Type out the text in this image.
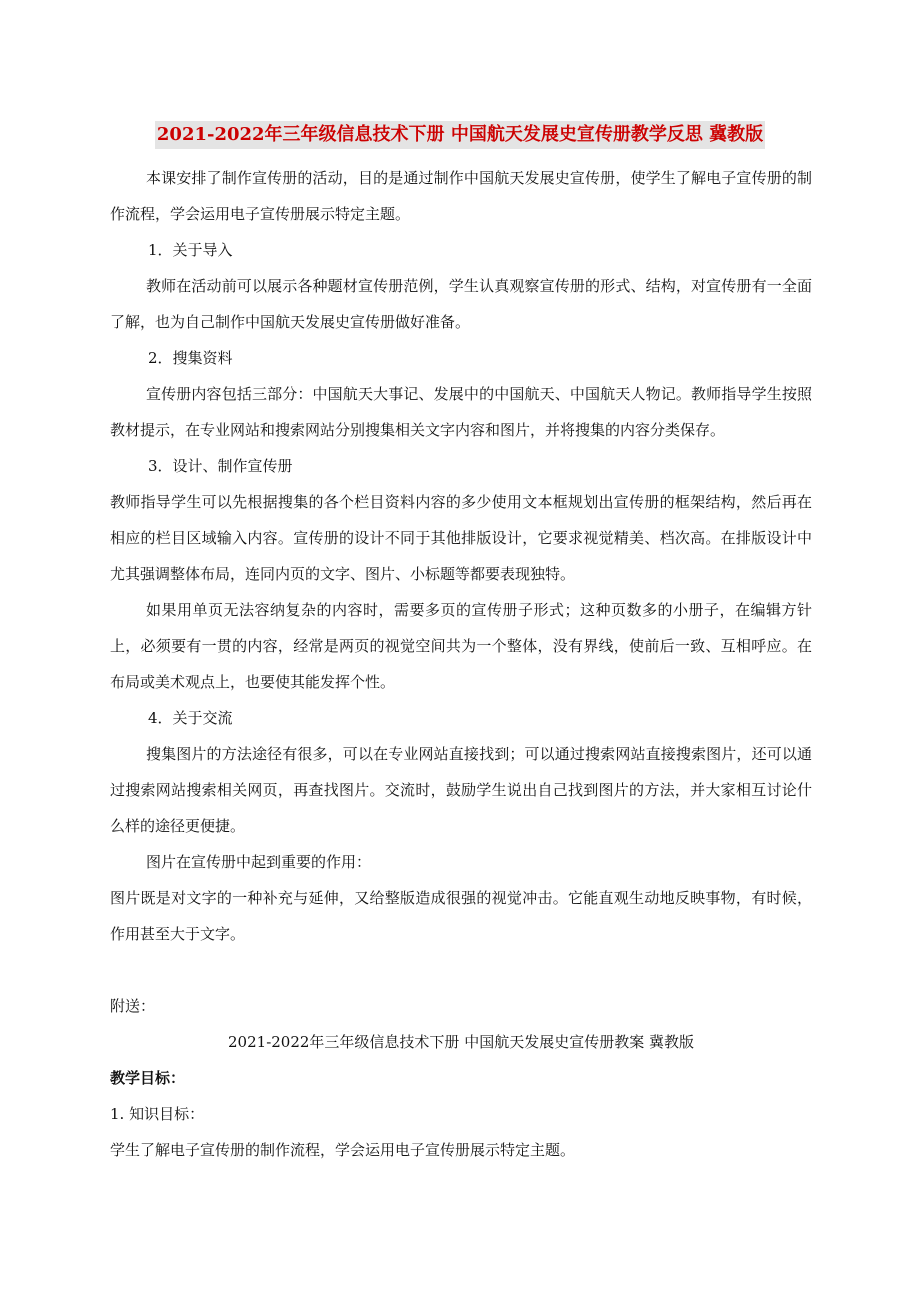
2021-2022年三年级信息技术下册 中国航天发展史宣传册教学反思 冀教版

本课安排了制作宣传册的活动，目的是通过制作中国航天发展史宣传册，使学生了解电子宣传册的制作流程，学会运用电子宣传册展示特定主题。

1．关于导入

教师在活动前可以展示各种题材宣传册范例，学生认真观察宣传册的形式、结构，对宣传册有一全面了解，也为自己制作中国航天发展史宣传册做好准备。

2．搜集资料

宣传册内容包括三部分：中国航天大事记、发展中的中国航天、中国航天人物记。教师指导学生按照教材提示，在专业网站和搜索网站分别搜集相关文字内容和图片，并将搜集的内容分类保存。

3．设计、制作宣传册

教师指导学生可以先根据搜集的各个栏目资料内容的多少使用文本框规划出宣传册的框架结构，然后再在相应的栏目区域输入内容。宣传册的设计不同于其他排版设计，它要求视觉精美、档次高。在排版设计中尤其强调整体布局，连同内页的文字、图片、小标题等都要表现独特。

如果用单页无法容纳复杂的内容时，需要多页的宣传册子形式；这种页数多的小册子，在编辑方针上，必须要有一贯的内容，经常是两页的视觉空间共为一个整体，没有界线，使前后一致、互相呼应。在布局或美术观点上，也要使其能发挥个性。

4．关于交流

搜集图片的方法途径有很多，可以在专业网站直接找到；可以通过搜索网站直接搜索图片，还可以通过搜索网站搜索相关网页，再查找图片。交流时，鼓励学生说出自己找到图片的方法，并大家相互讨论什么样的途径更便捷。

图片在宣传册中起到重要的作用：

图片既是对文字的一种补充与延伸，又给整版造成很强的视觉冲击。它能直观生动地反映事物，有时候，作用甚至大于文字。

附送：

2021-2022年三年级信息技术下册 中国航天发展史宣传册教案 冀教版

教学目标：

1. 知识目标：

学生了解电子宣传册的制作流程，学会运用电子宣传册展示特定主题。
